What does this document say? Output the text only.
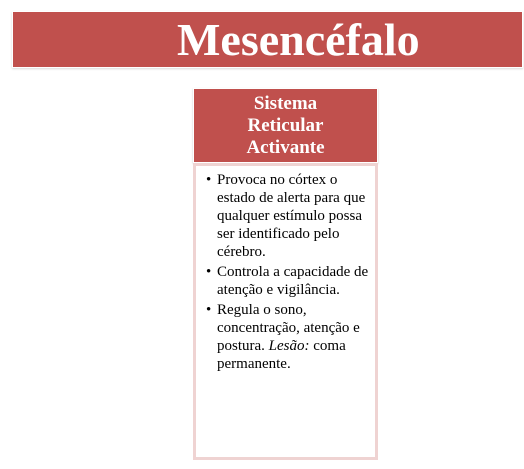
Mesencéfalo
Sistema Reticular Activante
• Provoca no córtex o estado de alerta para que qualquer estímulo possa ser identificado pelo cérebro.
• Controla a capacidade de atenção e vigilância.
• Regula o sono, concentração, atenção e postura. Lesão: coma permanente.
